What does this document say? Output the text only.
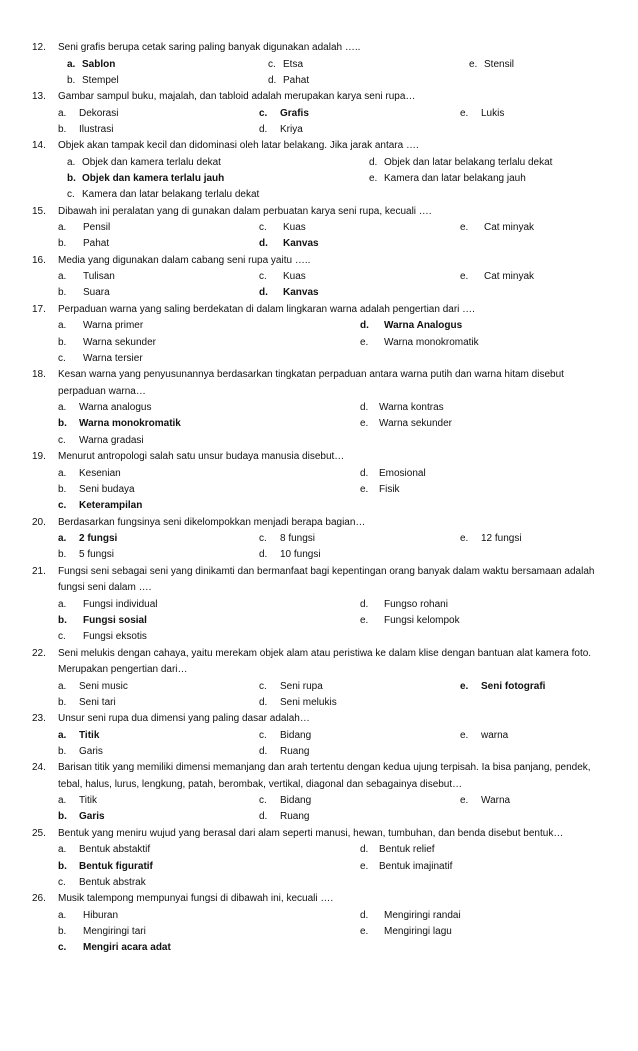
12. Seni grafis berupa cetak saring paling banyak digunakan adalah …..
a. Sablon	c. Etsa	e. Stensil
b. Stempel	d. Pahat
13. Gambar sampul buku, majalah, dan tabloid adalah merupakan karya seni rupa…
a. Dekorasi	c. Grafis	e. Lukis
b. Ilustrasi	d. Kriya
14. Objek akan tampak kecil dan didominasi oleh latar belakang. Jika jarak antara ….
a. Objek dan kamera terlalu dekat	d. Objek dan latar belakang terlalu dekat
b. Objek dan kamera terlalu jauh	e. Kamera dan latar belakang jauh
c. Kamera dan latar belakang terlalu dekat
15. Dibawah ini peralatan yang di gunakan dalam perbuatan karya seni rupa, kecuali ….
a. Pensil	c. Kuas	e. Cat minyak
b. Pahat	d. Kanvas
16. Media yang digunakan dalam cabang seni rupa yaitu …..
a. Tulisan	c. Kuas	e. Cat minyak
b. Suara	d. Kanvas
17. Perpaduan warna yang saling berdekatan di dalam lingkaran warna adalah pengertian dari ….
a. Warna primer	d. Warna Analogus
b. Warna sekunder	e. Warna monokromatik
c. Warna tersier
18. Kesan warna yang penyusunannya berdasarkan tingkatan perpaduan antara warna putih dan warna hitam disebut perpaduan warna…
a. Warna analogus	d. Warna kontras
b. Warna monokromatik	e. Warna sekunder
c. Warna gradasi
19. Menurut antropologi salah satu unsur budaya manusia disebut…
a. Kesenian	d. Emosional
b. Seni budaya	e. Fisik
c. Keterampilan
20. Berdasarkan fungsinya seni dikelompokkan menjadi berapa bagian…
a. 2 fungsi	c. 8 fungsi	e. 12 fungsi
b. 5 fungsi	d. 10 fungsi
21. Fungsi seni sebagai seni yang dinikamti dan bermanfaat bagi kepentingan orang banyak dalam waktu bersamaan adalah fungsi seni dalam ….
a. Fungsi individual	d. Fungso rohani
b. Fungsi sosial	e. Fungsi kelompok
c. Fungsi eksotis
22. Seni melukis dengan cahaya, yaitu merekam objek alam atau peristiwa ke dalam klise dengan bantuan alat kamera foto. Merupakan pengertian dari…
a. Seni music	c. Seni rupa	e. Seni fotografi
b. Seni tari	d. Seni melukis
23. Unsur seni rupa dua dimensi yang paling dasar adalah…
a. Titik	c. Bidang	e. warna
b. Garis	d. Ruang
24. Barisan titik yang memiliki dimensi memanjang dan arah tertentu dengan kedua ujung terpisah. Ia bisa panjang, pendek, tebal, halus, lurus, lengkung, patah, berombak, vertikal, diagonal dan sebagainya disebut…
a. Titik	c. Bidang	e. Warna
b. Garis	d. Ruang
25. Bentuk yang meniru wujud yang berasal dari alam seperti manusi, hewan, tumbuhan, dan benda disebut bentuk…
a. Bentuk abstaktif	d. Bentuk relief
b. Bentuk figuratif	e. Bentuk imajinatif
c. Bentuk abstrak
26. Musik talempong mempunyai fungsi di dibawah ini, kecuali ….
a. Hiburan	d. Mengiringi randai
b. Mengiringi tari	e. Mengiringi lagu
c. Mengiri acara adat
